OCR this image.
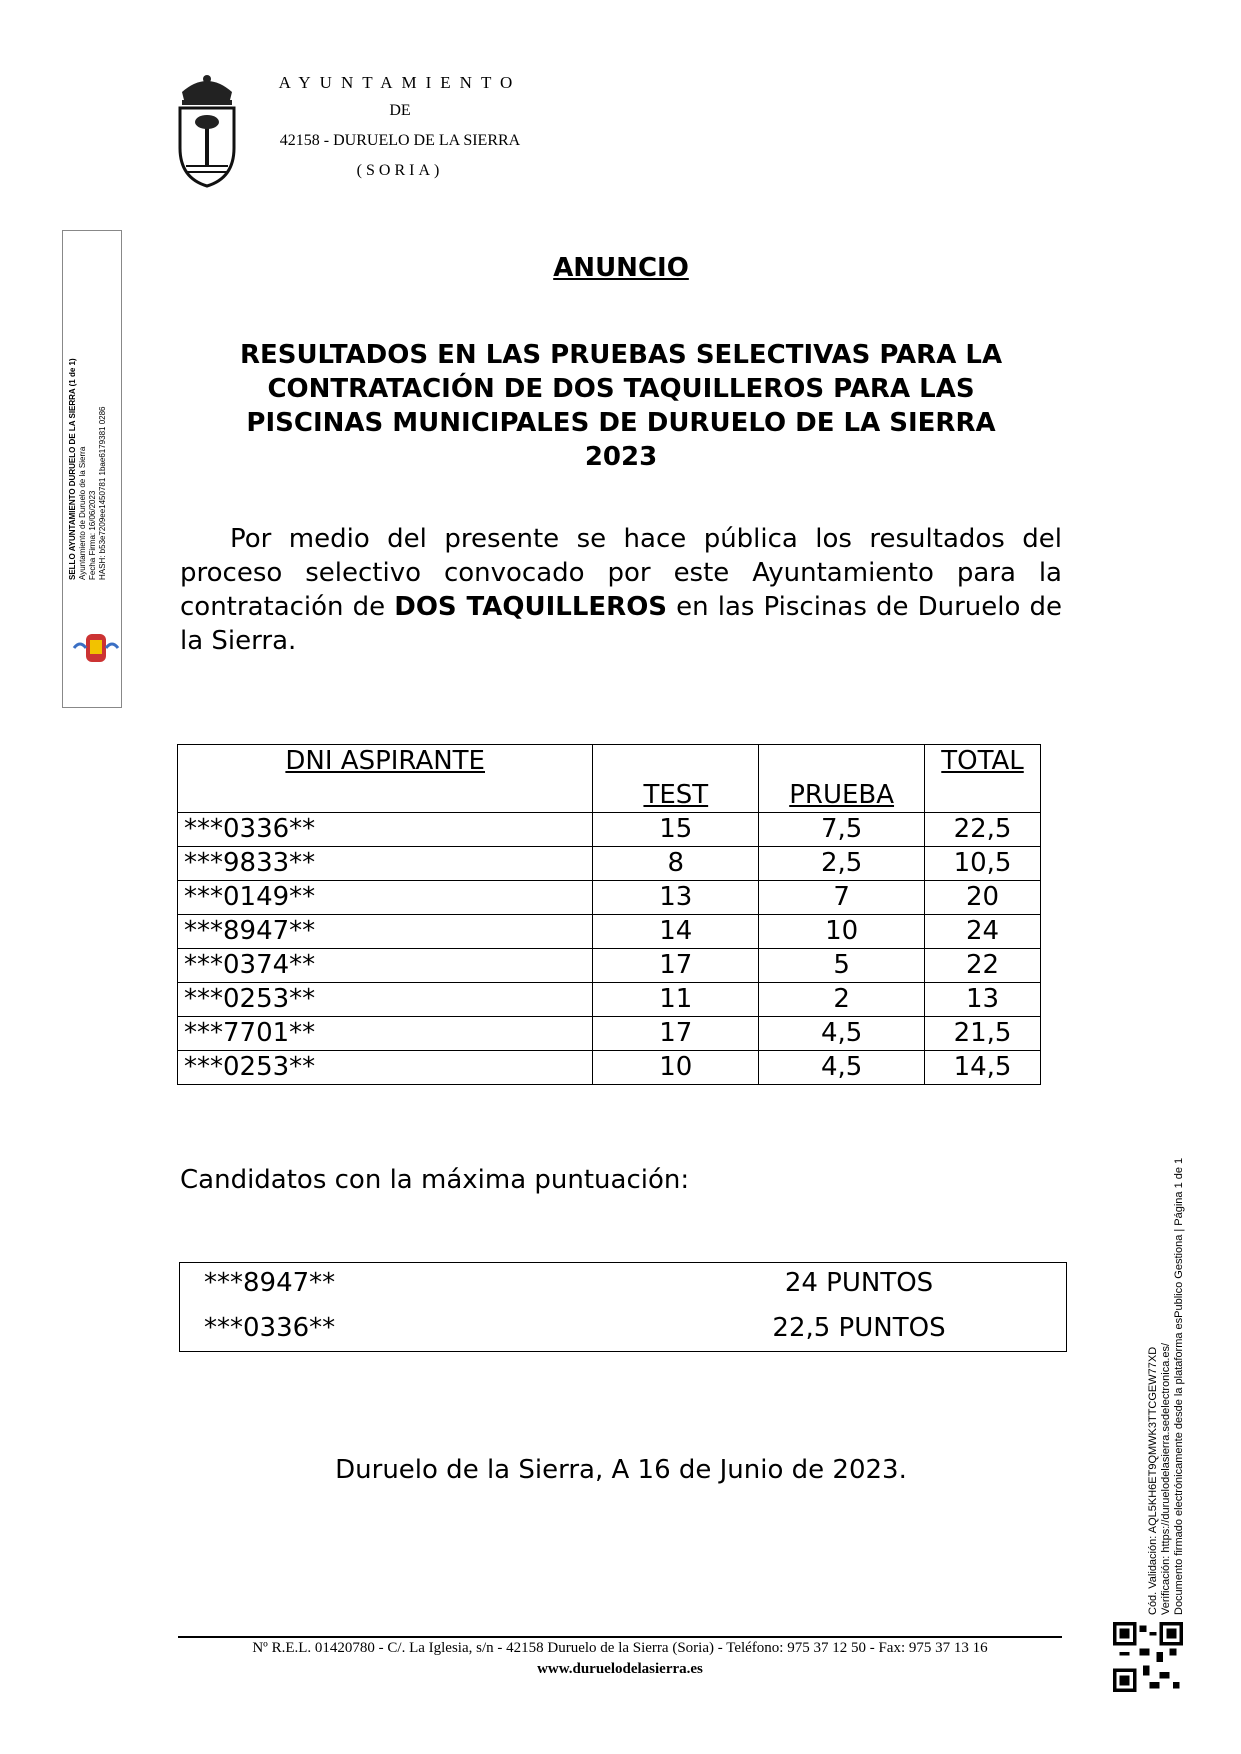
AYUNTAMIENTO
DE
42158 - DURUELO DE LA SIERRA
(SORIA)
SELLO AYUNTAMIENTO DURUELO DE LA SIERRA (1 de 1) Ayuntamiento de Duruelo de la Sierra Fecha Firma: 16/06/2023 HASH: b53e7209ee1450781 1bae6179381 0286
Cód. Validación: AQL5KH6ET9QMWK3TTCGEW77XD Verificación: https://duruelodelasierra.sedelectronica.es/ Documento firmado electrónicamente desde la plataforma esPublico Gestiona | Página 1 de 1
ANUNCIO
RESULTADOS EN LAS PRUEBAS SELECTIVAS PARA LA
CONTRATACIÓN DE DOS TAQUILLEROS PARA LAS
PISCINAS MUNICIPALES DE DURUELO DE LA SIERRA
2023
Por medio del presente se hace pública los resultados del proceso selectivo convocado por este Ayuntamiento para la contratación de DOS TAQUILLEROS en las Piscinas de Duruelo de la Sierra.
DNI ASPIRANTE	TEST	PRUEBA	TOTAL

***0336**	15	7,5	22,5
***9833**	8	2,5	10,5
***0149**	13	7	20
***8947**	14	10	24
***0374**	17	5	22
***0253**	11	2	13
***7701**	17	4,5	21,5
***0253**	10	4,5	14,5
Candidatos con la máxima puntuación:
***8947**	24 PUNTOS
***0336**	22,5 PUNTOS
Duruelo de la Sierra, A 16 de Junio de 2023.
Nº R.E.L. 01420780 - C/. La Iglesia, s/n - 42158 Duruelo de la Sierra (Soria) - Teléfono: 975 37 12 50 - Fax: 975 37 13 16
www.duruelodelasierra.es
